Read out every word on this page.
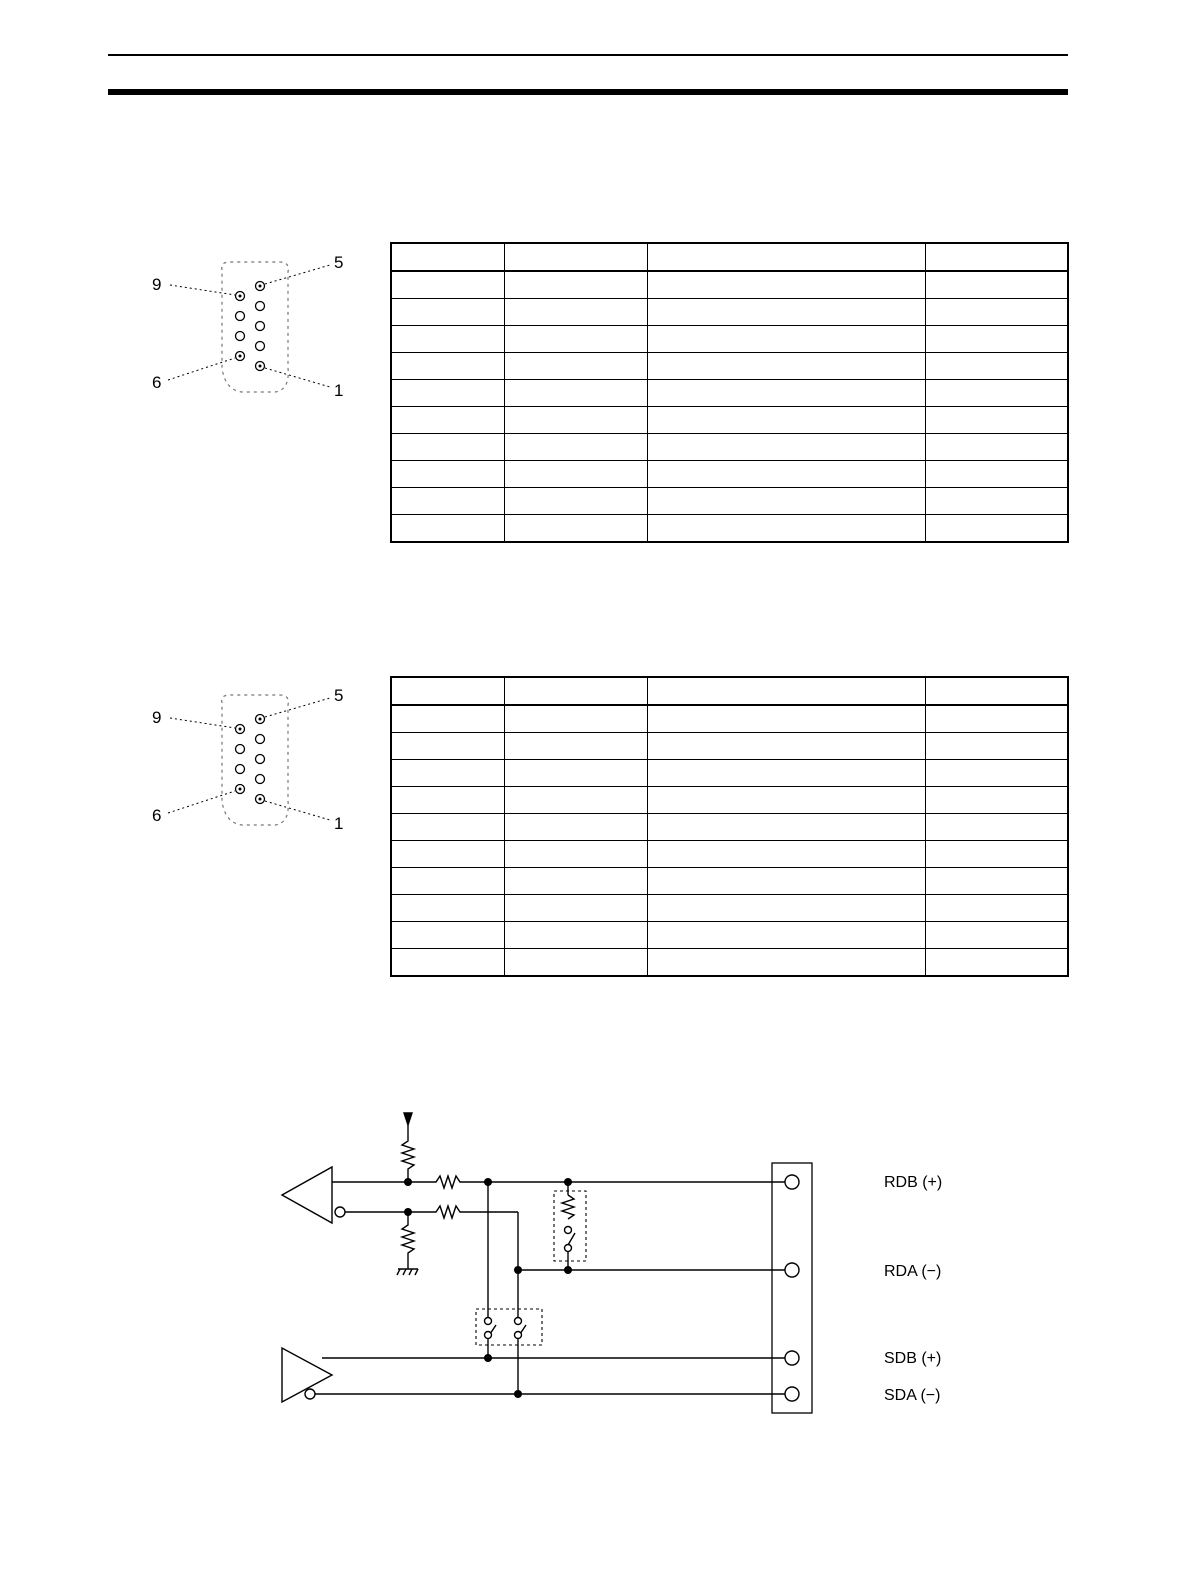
5
9
6	1

5
9
6	1

RDB (+)
RDA (−)
SDB (+)
SDA (−)
